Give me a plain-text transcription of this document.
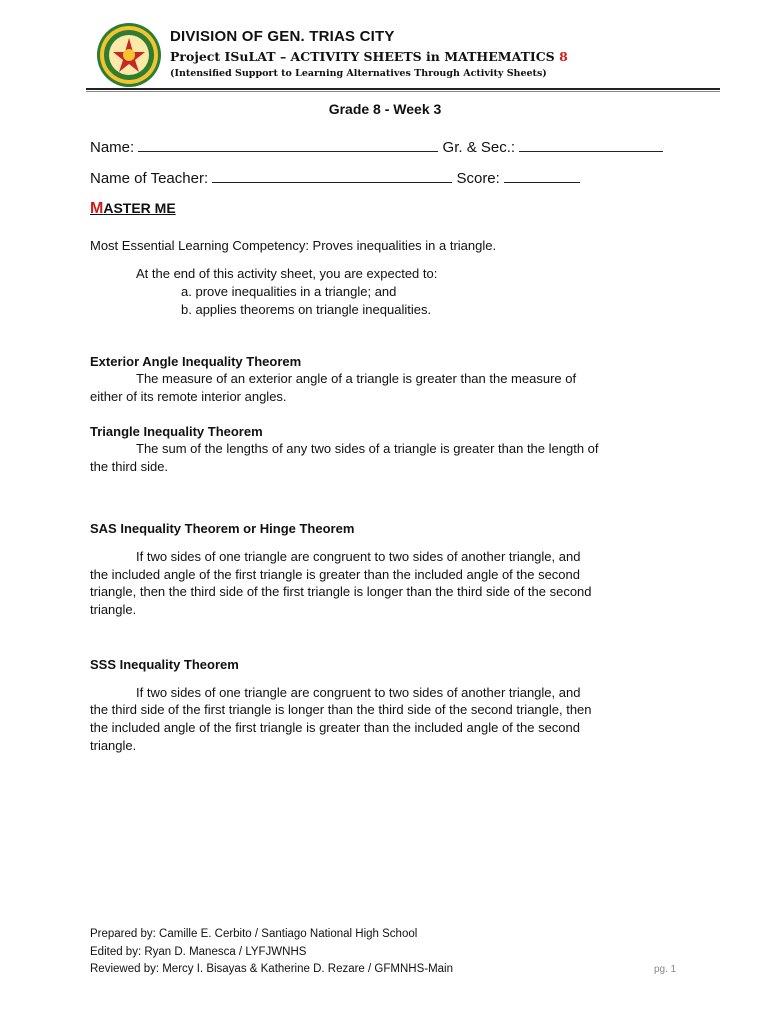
DIVISION OF GEN. TRIAS CITY
Project ISuLAT – ACTIVITY SHEETS in MATHEMATICS 8
(Intensified Support to Learning Alternatives Through Activity Sheets)
Grade 8 - Week 3
Name:	Gr. & Sec.:
Name of Teacher:	Score:
MASTER ME
Most Essential Learning Competency: Proves inequalities in a triangle.
At the end of this activity sheet, you are expected to:
a. prove inequalities in a triangle; and
b. applies theorems on triangle inequalities.
Exterior Angle Inequality Theorem
The measure of an exterior angle of a triangle is greater than the measure of
either of its remote interior angles.
Triangle Inequality Theorem
The sum of the lengths of any two sides of a triangle is greater than the length of
the third side.
SAS Inequality Theorem or Hinge Theorem
If two sides of one triangle are congruent to two sides of another triangle, and
the included angle of the first triangle is greater than the included angle of the second
triangle, then the third side of the first triangle is longer than the third side of the second
triangle.
SSS Inequality Theorem
If two sides of one triangle are congruent to two sides of another triangle, and
the third side of the first triangle is longer than the third side of the second triangle, then
the included angle of the first triangle is greater than the included angle of the second
triangle.
Prepared by: Camille E. Cerbito / Santiago National High School
Edited by: Ryan D. Manesca / LYFJWNHS
Reviewed by: Mercy I. Bisayas & Katherine D. Rezare / GFMNHS-Main	pg. 1
